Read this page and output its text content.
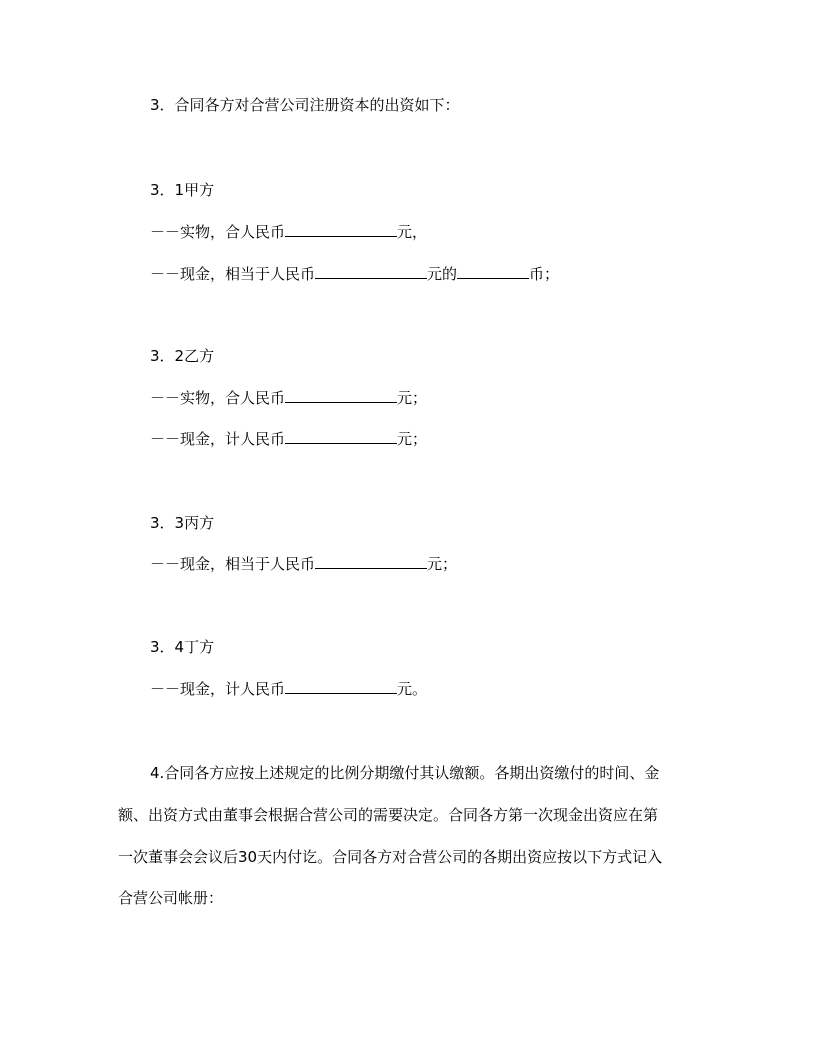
3．合同各方对合营公司注册资本的出资如下：
3．1甲方
－－实物，合人民币	元，
－－现金，相当于人民币	元的	币；
3．2乙方
－－实物，合人民币	元；
－－现金，计人民币	元；
3．3丙方
－－现金，相当于人民币	元；
3．4丁方
－－现金，计人民币	元。
4.合同各方应按上述规定的比例分期缴付其认缴额。各期出资缴付的时间、金
额、出资方式由董事会根据合营公司的需要决定。合同各方第一次现金出资应在第
一次董事会会议后30天内付讫。合同各方对合营公司的各期出资应按以下方式记入
合营公司帐册：
